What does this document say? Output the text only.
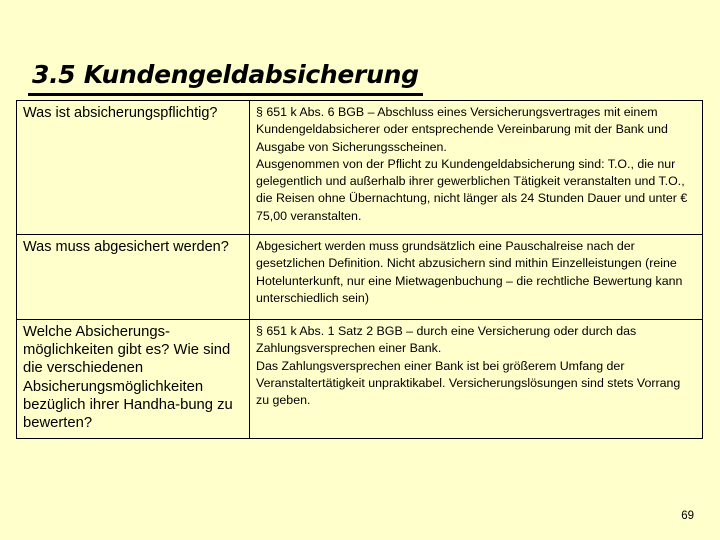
3.5 Kundengeldabsicherung
Was ist absicherungspflichtig?	§ 651 k Abs. 6 BGB – Abschluss eines Versicherungsvertrages mit einem Kundengeldabsicherer oder entsprechende Vereinbarung mit der Bank und Ausgabe von Sicherungsscheinen.
Ausgenommen von der Pflicht zu Kundengeldabsicherung sind: T.O., die nur gelegentlich und außerhalb ihrer gewerblichen Tätigkeit veranstalten und T.O., die Reisen ohne Übernachtung, nicht länger als 24 Stunden Dauer und unter € 75,00 veranstalten.

Was muss abgesichert werden?	Abgesichert werden muss grundsätzlich eine Pauschalreise nach der gesetzlichen Definition. Nicht abzusichern sind mithin Einzelleistungen (reine Hotelunterkunft, nur eine Mietwagenbuchung – die rechtliche Bewertung kann unterschiedlich sein)

Welche Absicherungs-möglichkeiten gibt es? Wie sind die verschiedenen Absicherungsmöglichkeiten bezüglich ihrer Handha-bung zu bewerten?	§ 651 k Abs. 1 Satz 2 BGB – durch eine Versicherung oder durch das Zahlungsversprechen einer Bank.
Das Zahlungsversprechen einer Bank ist bei größerem Umfang der Veranstaltertätigkeit unpraktikabel. Versicherungslösungen sind stets Vorrang zu geben.
69
